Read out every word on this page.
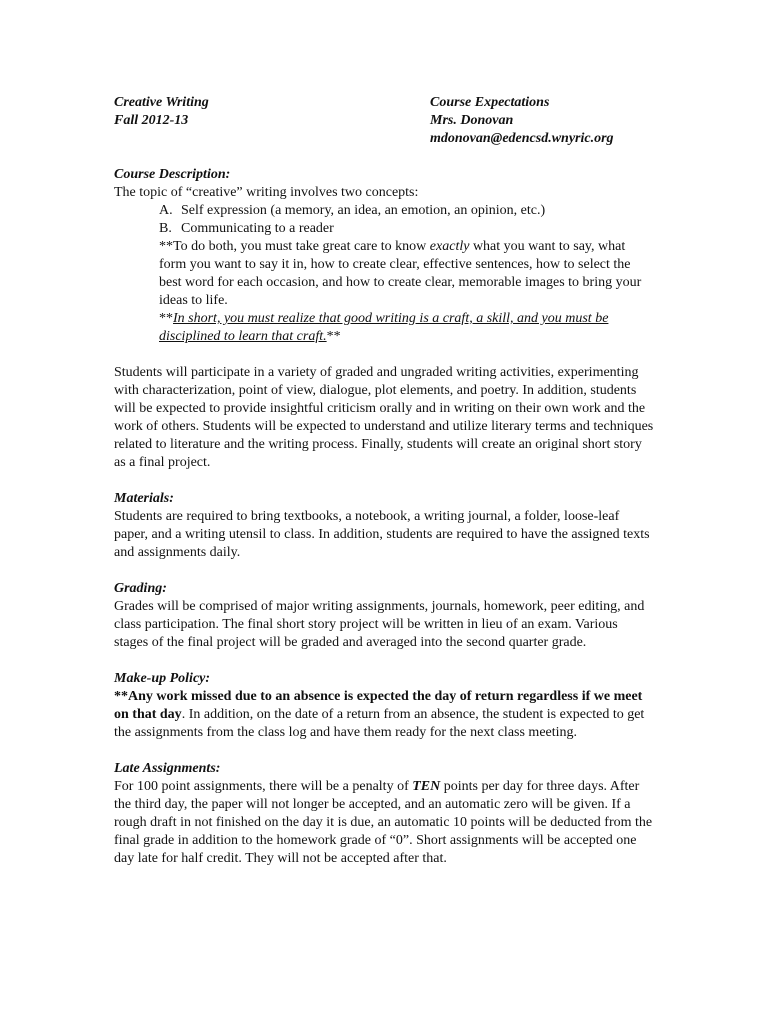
Creative Writing
Fall 2012-13
Course Expectations
Mrs. Donovan
mdonovan@edencsd.wnyric.org
Course Description:
The topic of “creative” writing involves two concepts:
A. Self expression (a memory, an idea, an emotion, an opinion, etc.)
B. Communicating to a reader
**To do both, you must take great care to know exactly what you want to say, what form you want to say it in, how to create clear, effective sentences, how to select the best word for each occasion, and how to create clear, memorable images to bring your ideas to life.
**In short, you must realize that good writing is a craft, a skill, and you must be disciplined to learn that craft.**
Students will participate in a variety of graded and ungraded writing activities, experimenting with characterization, point of view, dialogue, plot elements, and poetry. In addition, students will be expected to provide insightful criticism orally and in writing on their own work and the work of others. Students will be expected to understand and utilize literary terms and techniques related to literature and the writing process. Finally, students will create an original short story as a final project.
Materials:
Students are required to bring textbooks, a notebook, a writing journal, a folder, loose-leaf paper, and a writing utensil to class. In addition, students are required to have the assigned texts and assignments daily.
Grading:
Grades will be comprised of major writing assignments, journals, homework, peer editing, and class participation. The final short story project will be written in lieu of an exam. Various stages of the final project will be graded and averaged into the second quarter grade.
Make-up Policy:
**Any work missed due to an absence is expected the day of return regardless if we meet on that day. In addition, on the date of a return from an absence, the student is expected to get the assignments from the class log and have them ready for the next class meeting.
Late Assignments:
For 100 point assignments, there will be a penalty of TEN points per day for three days. After the third day, the paper will not longer be accepted, and an automatic zero will be given. If a rough draft in not finished on the day it is due, an automatic 10 points will be deducted from the final grade in addition to the homework grade of “0”. Short assignments will be accepted one day late for half credit. They will not be accepted after that.
